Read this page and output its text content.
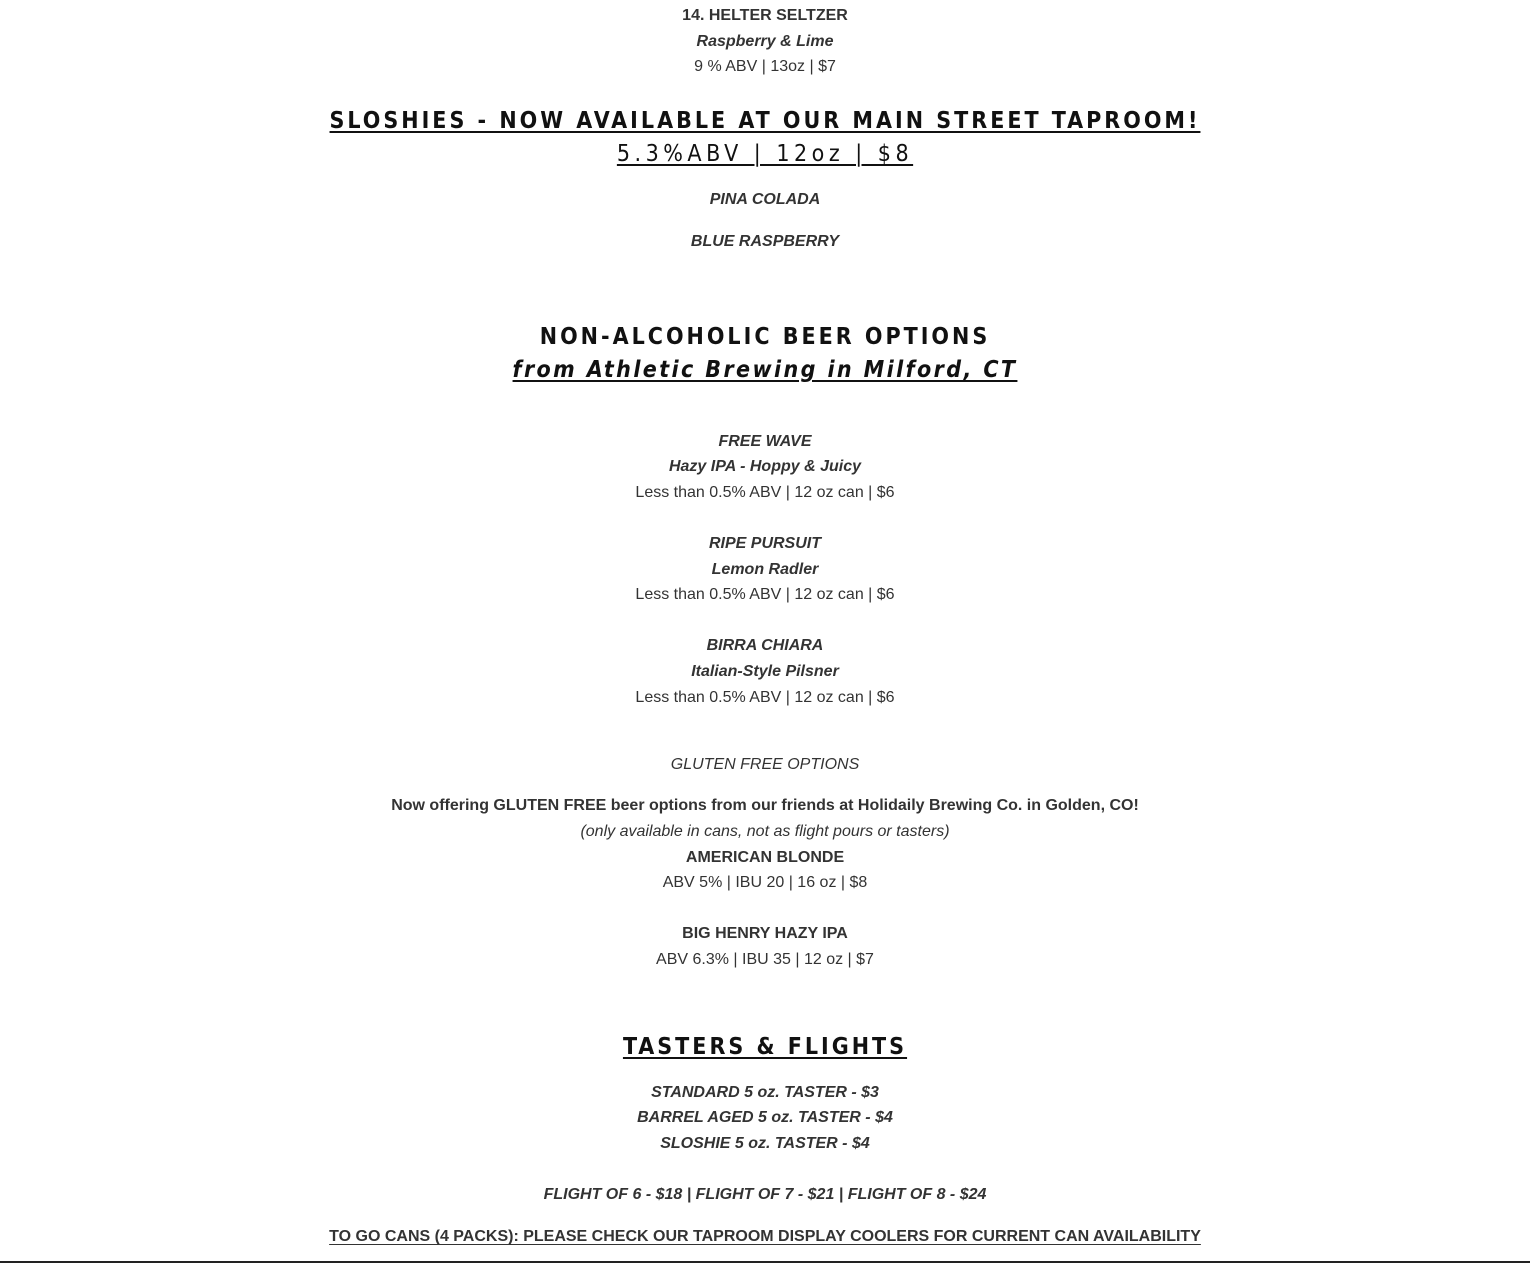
14. HELTER SELTZER
Raspberry & Lime
9 % ABV | 13oz | $7
SLOSHIES - NOW AVAILABLE AT OUR MAIN STREET TAPROOM!
5.3%ABV | 12oz | $8
PINA COLADA
BLUE RASPBERRY
NON-ALCOHOLIC BEER OPTIONS
from Athletic Brewing in Milford, CT
FREE WAVE
Hazy IPA - Hoppy & Juicy
Less than 0.5% ABV | 12 oz can | $6
RIPE PURSUIT
Lemon Radler
Less than 0.5% ABV | 12 oz can | $6
BIRRA CHIARA
Italian-Style Pilsner
Less than 0.5% ABV | 12 oz can | $6
GLUTEN FREE OPTIONS
Now offering GLUTEN FREE beer options from our friends at Holidaily Brewing Co. in Golden, CO!
(only available in cans, not as flight pours or tasters)
AMERICAN BLONDE
ABV 5% | IBU 20 | 16 oz | $8
BIG HENRY HAZY IPA
ABV 6.3% | IBU 35 | 12 oz | $7
TASTERS & FLIGHTS
STANDARD 5 oz. TASTER - $3
BARREL AGED 5 oz. TASTER - $4
SLOSHIE 5 oz. TASTER - $4
FLIGHT OF 6 - $18 | FLIGHT OF 7 - $21 | FLIGHT OF 8 - $24
TO GO CANS (4 PACKS): PLEASE CHECK OUR TAPROOM DISPLAY COOLERS FOR CURRENT CAN AVAILABILITY
